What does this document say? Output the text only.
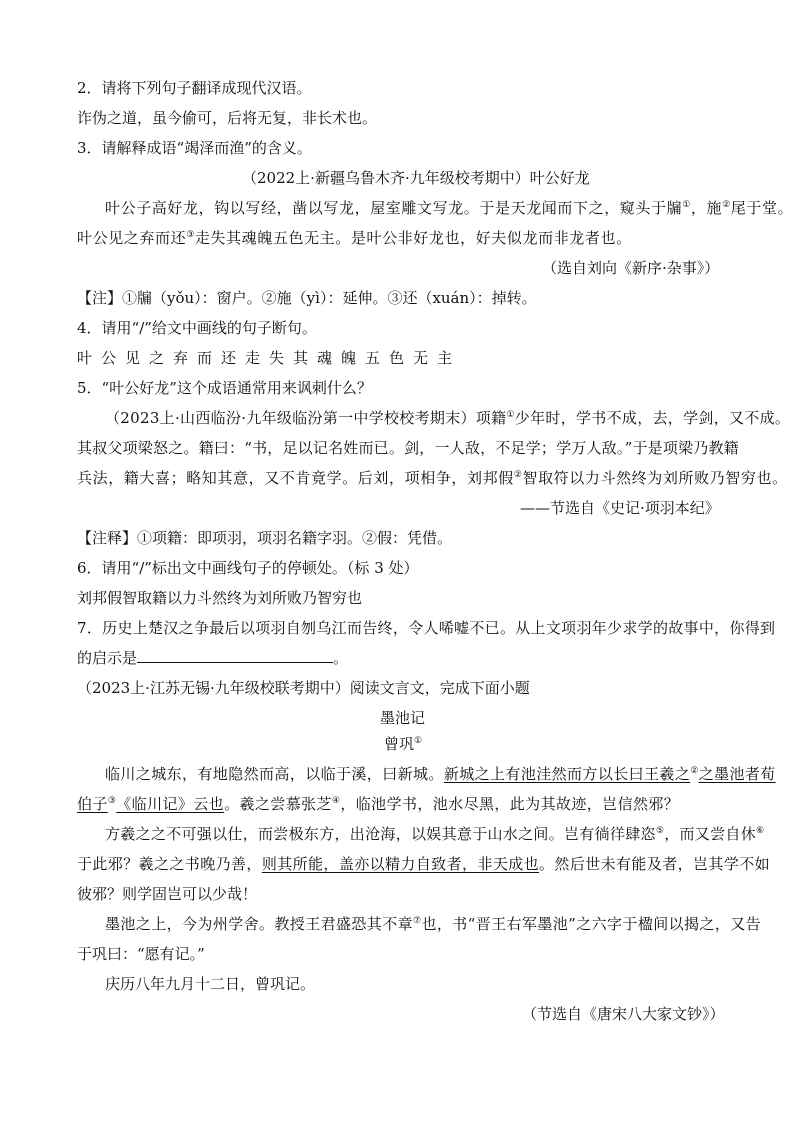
2．请将下列句子翻译成现代汉语。
诈伪之道，虽今偷可，后将无复，非长术也。
3．请解释成语“竭泽而渔”的含义。
（2022上·新疆乌鲁木齐·九年级校考期中）叶公好龙
叶公子高好龙，钩以写经，凿以写龙，屋室雕文写龙。于是天龙闻而下之，窥头于牖①，施②尾于堂。
叶公见之弃而还③走失其魂魄五色无主。是叶公非好龙也，好夫似龙而非龙者也。
（选自刘向《新序·杂事》）
【注】①牖（yǒu）：窗户。②施（yì）：延伸。③还（xuán）：掉转。
4．请用“/”给文中画线的句子断句。
叶公见之弃而还走失其魂魄五色无主
5．“叶公好龙”这个成语通常用来讽刺什么？
（2023上·山西临汾·九年级临汾第一中学校校考期末）项籍①少年时，学书不成，去，学剑，又不成。
其叔父项梁怒之。籍曰：“书，足以记名姓而已。剑，一人敌，不足学；学万人敌。”于是项梁乃教籍
兵法，籍大喜；略知其意，又不肯竟学。后刘，项相争，刘邦假②智取符以力斗然终为刘所败乃智穷也。
——节选自《史记·项羽本纪》
【注释】①项籍：即项羽，项羽名籍字羽。②假：凭借。
6．请用“/”标出文中画线句子的停顿处。（标 3 处）
刘邦假智取籍以力斗然终为刘所败乃智穷也
7．历史上楚汉之争最后以项羽自刎乌江而告终，令人唏嘘不已。从上文项羽年少求学的故事中，你得到
的启示是	。
（2023上·江苏无锡·九年级校联考期中）阅读文言文，完成下面小题
墨池记
曾巩①
临川之城东，有地隐然而高，以临于溪，曰新城。新城之上有池洼然而方以长曰王羲之②之墨池者荀
伯子③《临川记》云也。羲之尝慕张芝④，临池学书，池水尽黑，此为其故迹，岂信然邪？
方羲之之不可强以仕，而尝极东方，出沧海，以娱其意于山水之间。岂有徜徉肆恣⑤，而又尝自休⑥
于此邪？羲之之书晚乃善，则其所能，盖亦以精力自致者，非天成也。然后世未有能及者，岂其学不如
彼邪？则学固岂可以少哉！
墨池之上，今为州学舍。教授王君盛恐其不章⑦也，书“晋王右军墨池”之六字于楹间以揭之，又告
于巩曰：“愿有记。”
庆历八年九月十二日，曾巩记。
（节选自《唐宋八大家文钞》）
